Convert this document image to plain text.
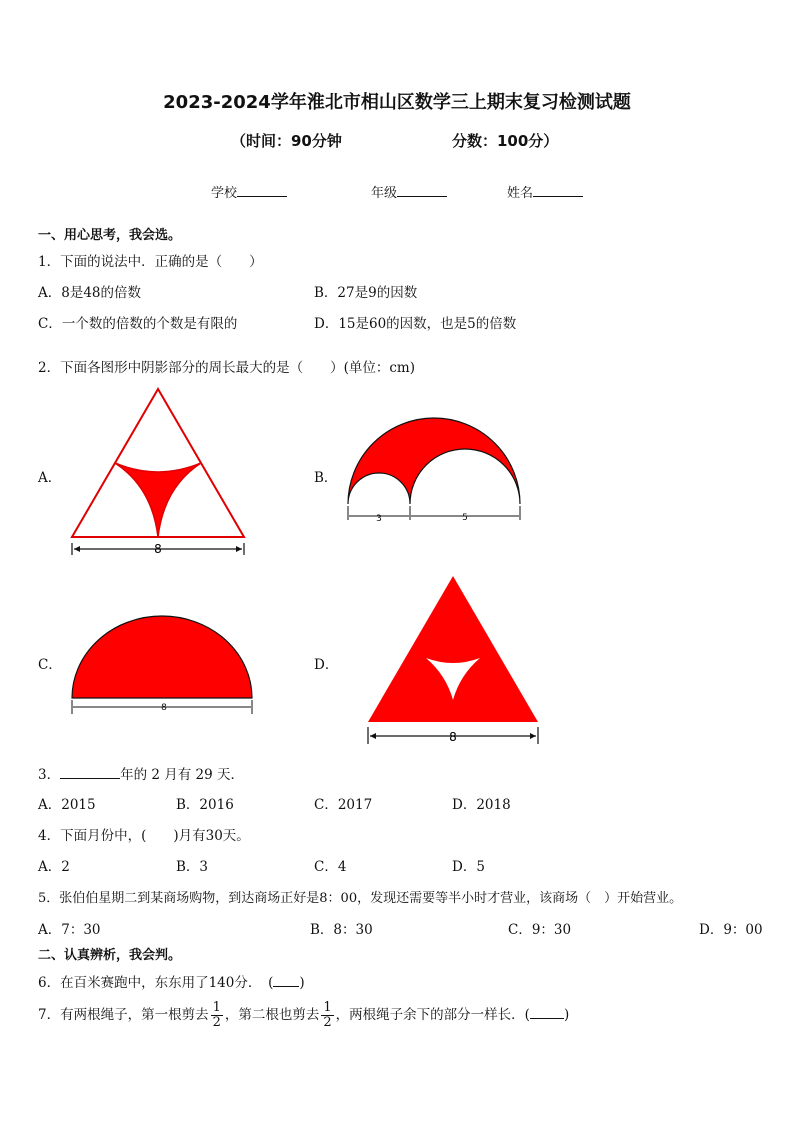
2023-2024学年淮北市相山区数学三上期末复习检测试题
（时间：90分钟	分数：100分）
学校	年级	姓名
一、用心思考，我会选。
1．下面的说法中．正确的是（　　）
A．8是48的倍数	B．27是9的因数
C．一个数的倍数的个数是有限的	D．15是60的因数，也是5的倍数
2．下面各图形中阴影部分的周长最大的是（　　）(单位：cm)
A．	B．
C．	D．
8
3	5
8
8
3．	年的 2 月有 29 天．
A．2015	B．2016	C．2017	D．2018
4．下面月份中，(　　)月有30天。
A．2	B．3	C．4	D．5
5．张伯伯星期二到某商场购物，到达商场正好是8：00，发现还需要等半小时才营业，该商场（　）开始营业。
A．7：30	B．8：30	C．9：30	D．9：00
二、认真辨析，我会判。
6．在百米赛跑中，东东用了140分．　( )
7．有两根绳子，第一根剪去 $\frac{1}{2}$ ，第二根也剪去 $\frac{1}{2}$ ，两根绳子余下的部分一样长．(	)
